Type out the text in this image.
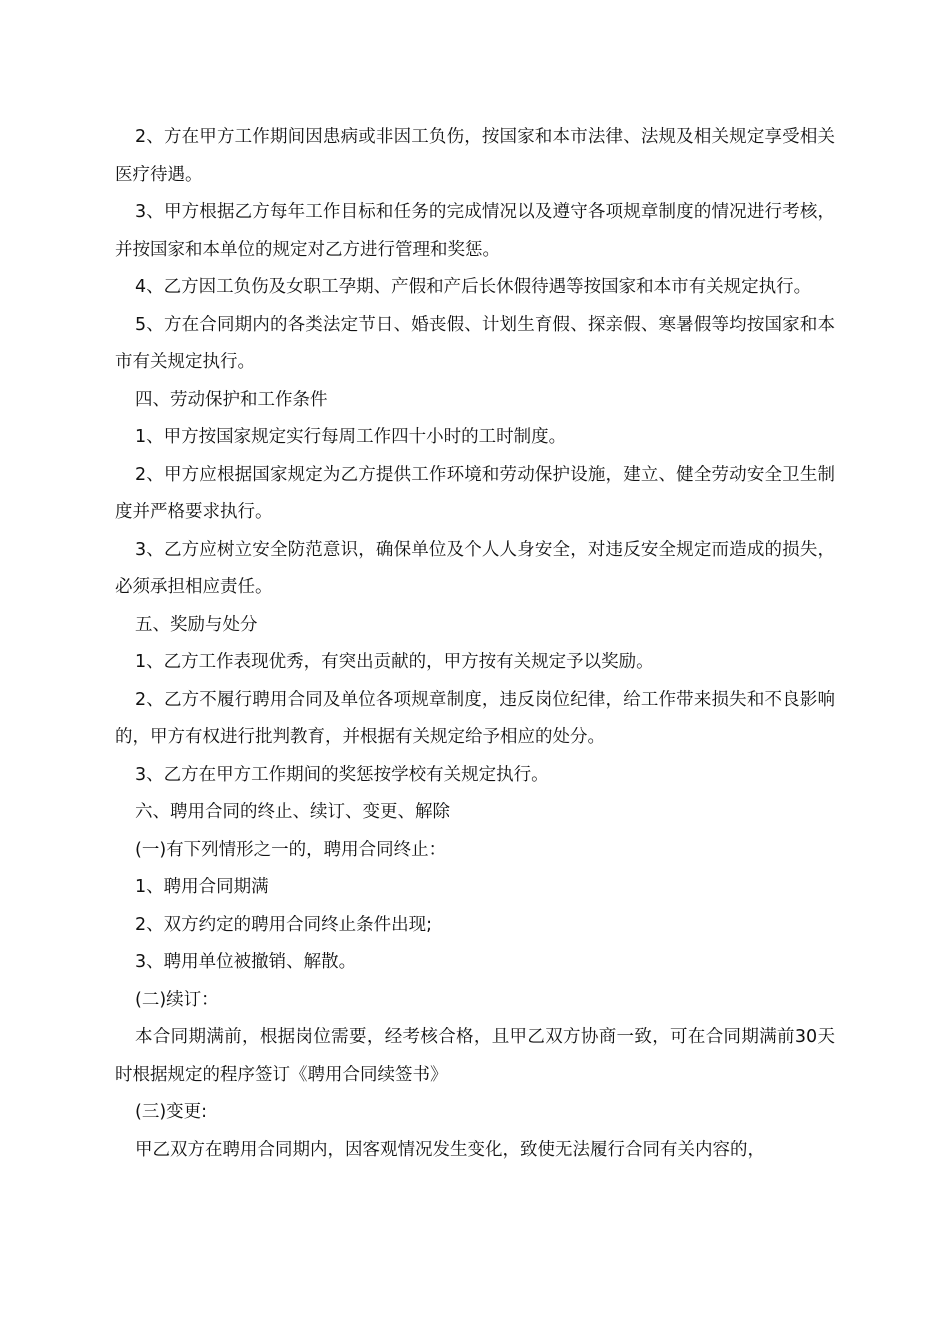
2、方在甲方工作期间因患病或非因工负伤，按国家和本市法律、法规及相关规定享受相关医疗待遇。

3、甲方根据乙方每年工作目标和任务的完成情况以及遵守各项规章制度的情况进行考核，并按国家和本单位的规定对乙方进行管理和奖惩。

4、乙方因工负伤及女职工孕期、产假和产后长休假待遇等按国家和本市有关规定执行。

5、方在合同期内的各类法定节日、婚丧假、计划生育假、探亲假、寒暑假等均按国家和本市有关规定执行。

四、劳动保护和工作条件

1、甲方按国家规定实行每周工作四十小时的工时制度。

2、甲方应根据国家规定为乙方提供工作环境和劳动保护设施，建立、健全劳动安全卫生制度并严格要求执行。

3、乙方应树立安全防范意识，确保单位及个人人身安全，对违反安全规定而造成的损失，必须承担相应责任。

五、奖励与处分

1、乙方工作表现优秀，有突出贡献的，甲方按有关规定予以奖励。

2、乙方不履行聘用合同及单位各项规章制度，违反岗位纪律，给工作带来损失和不良影响的，甲方有权进行批判教育，并根据有关规定给予相应的处分。

3、乙方在甲方工作期间的奖惩按学校有关规定执行。

六、聘用合同的终止、续订、变更、解除

(一)有下列情形之一的，聘用合同终止：

1、聘用合同期满

2、双方约定的聘用合同终止条件出现;

3、聘用单位被撤销、解散。

(二)续订：

本合同期满前，根据岗位需要，经考核合格，且甲乙双方协商一致，可在合同期满前30天时根据规定的程序签订《聘用合同续签书》

(三)变更:

甲乙双方在聘用合同期内，因客观情况发生变化，致使无法履行合同有关内容的，
